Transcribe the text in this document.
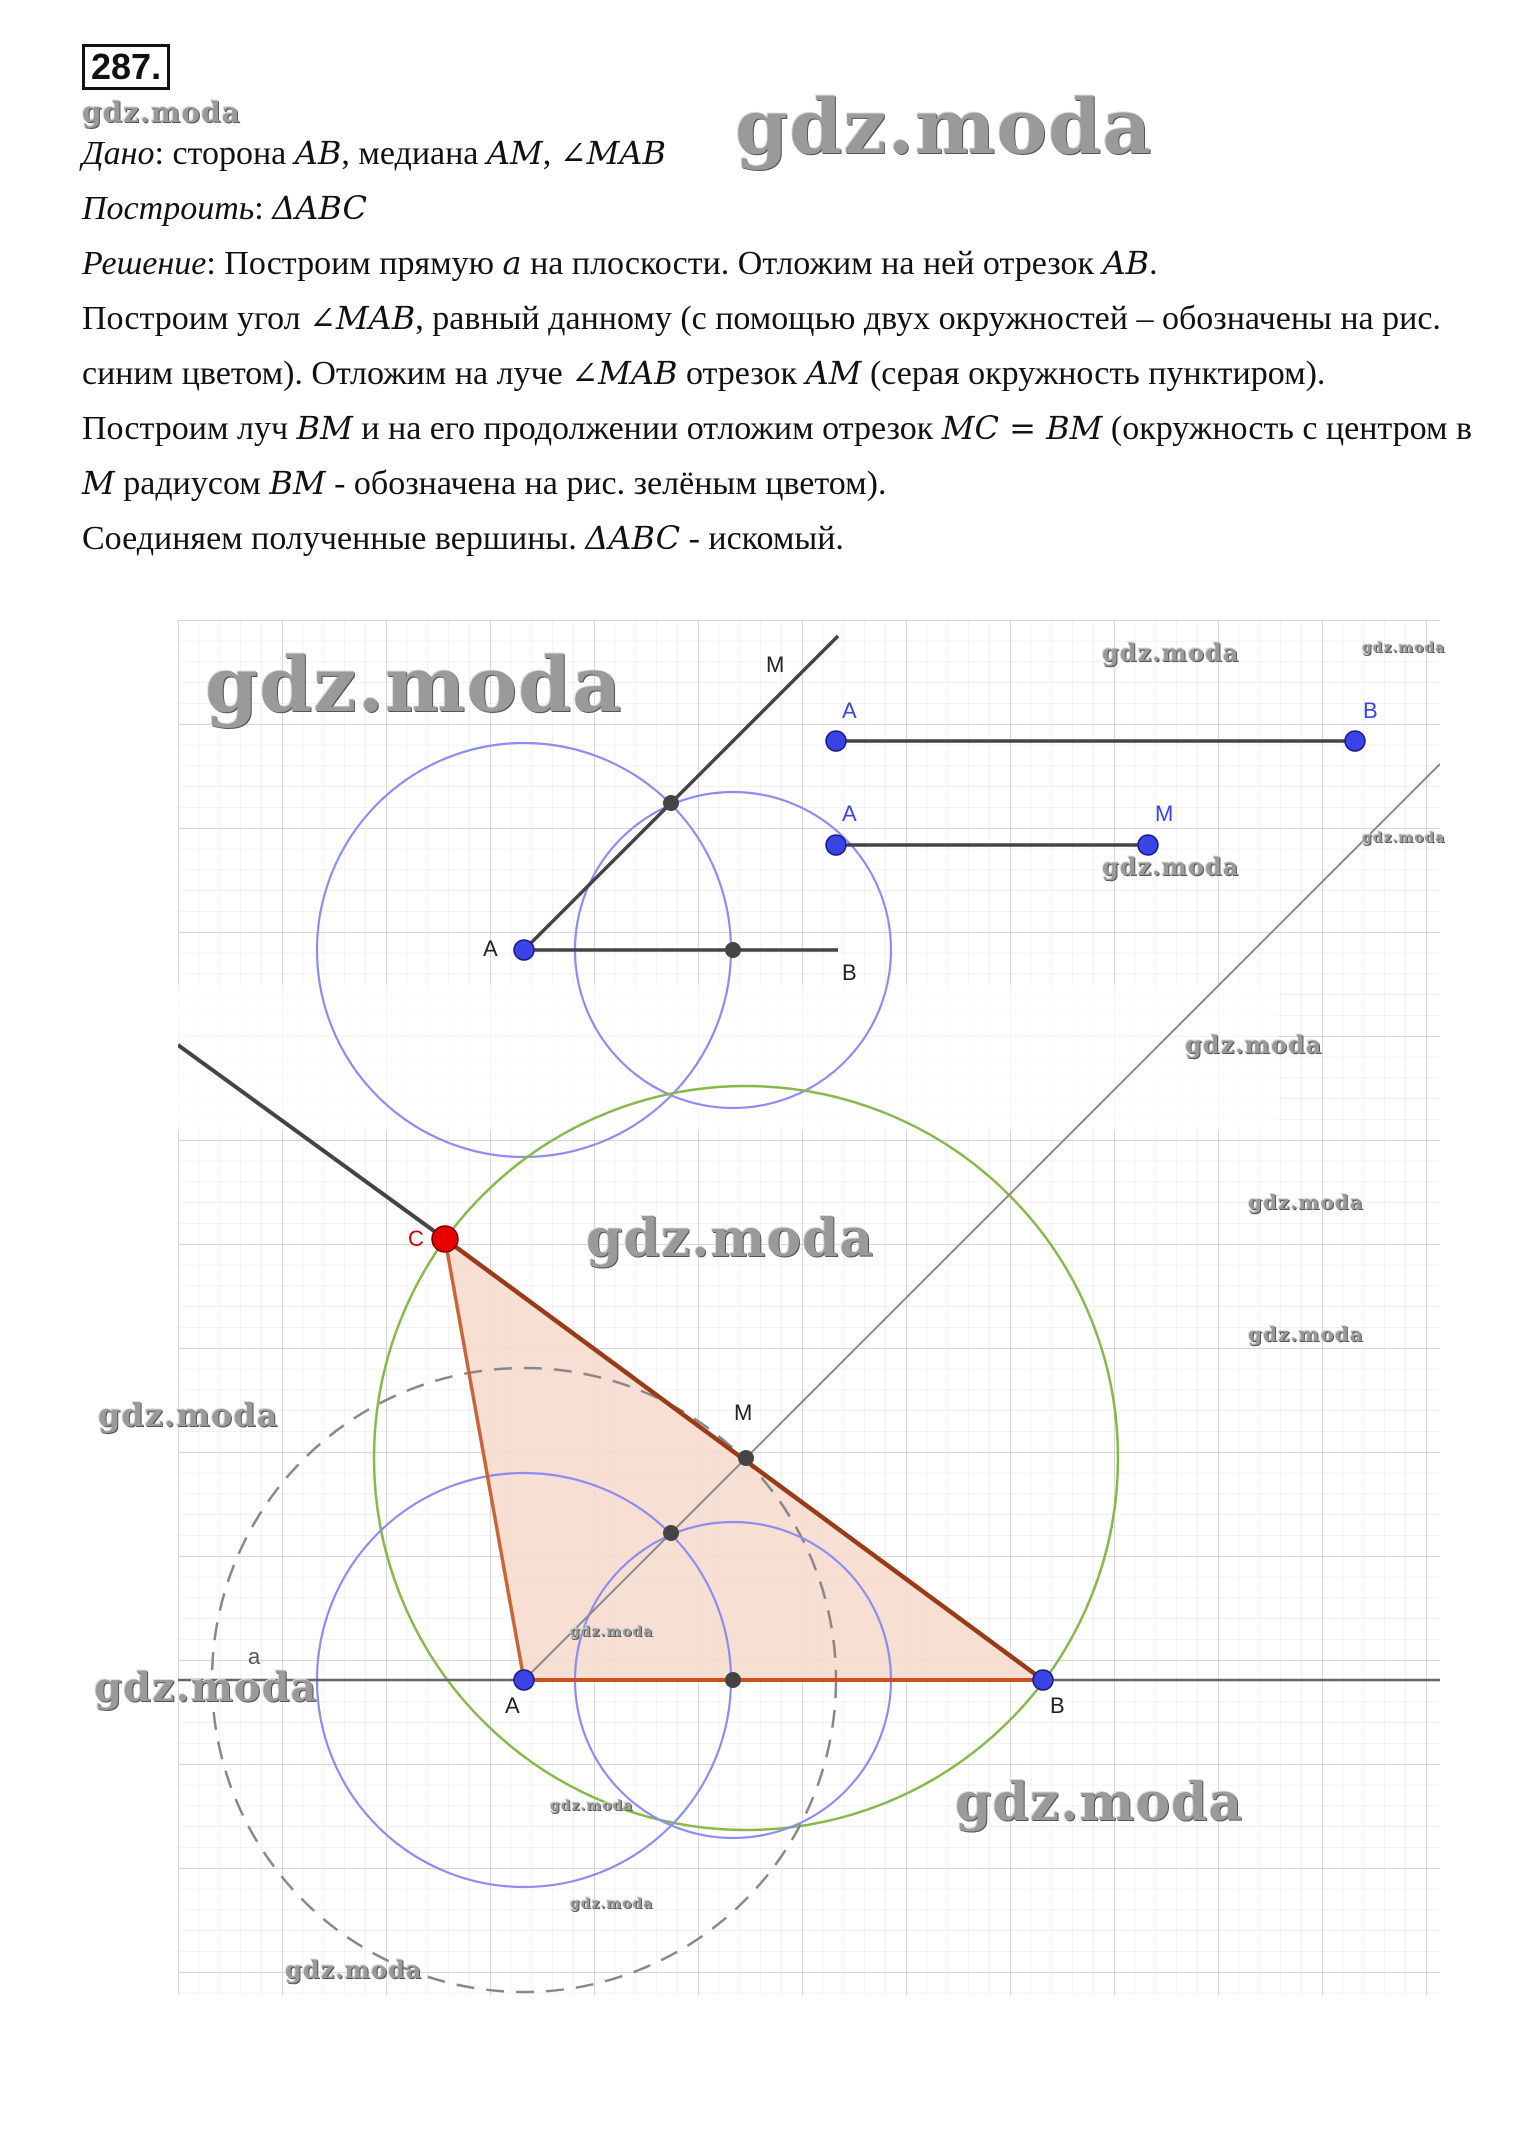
287.

Дано: сторона AB, медиана AM, ∠MAB

Построить: ΔABC

Решение: Построим прямую a на плоскости. Отложим на ней отрезок AB.

Построим угол ∠MAB, равный данному (с помощью двух окружностей – обозначены на рис. синим цветом). Отложим на луче ∠MAB отрезок AM (серая окружность пунктиром).

Построим луч BM и на его продолжении отложим отрезок MC = BM (окружность с центром в M радиусом BM - обозначена на рис. зелёным цветом).

Соединяем полученные вершины. ΔABC - искомый.

M
A
B
A	B
A	M
C
M
A	B
a
gdz.moda	gdz.moda
gdz.moda	gdz.moda	gdz.moda
gdz.moda
gdz.moda
gdz.moda
gdz.moda
gdz.moda
gdz.moda
gdz.moda
gdz.moda
gdz.moda
gdz.moda
gdz.moda
gdz.moda
gdz.moda
